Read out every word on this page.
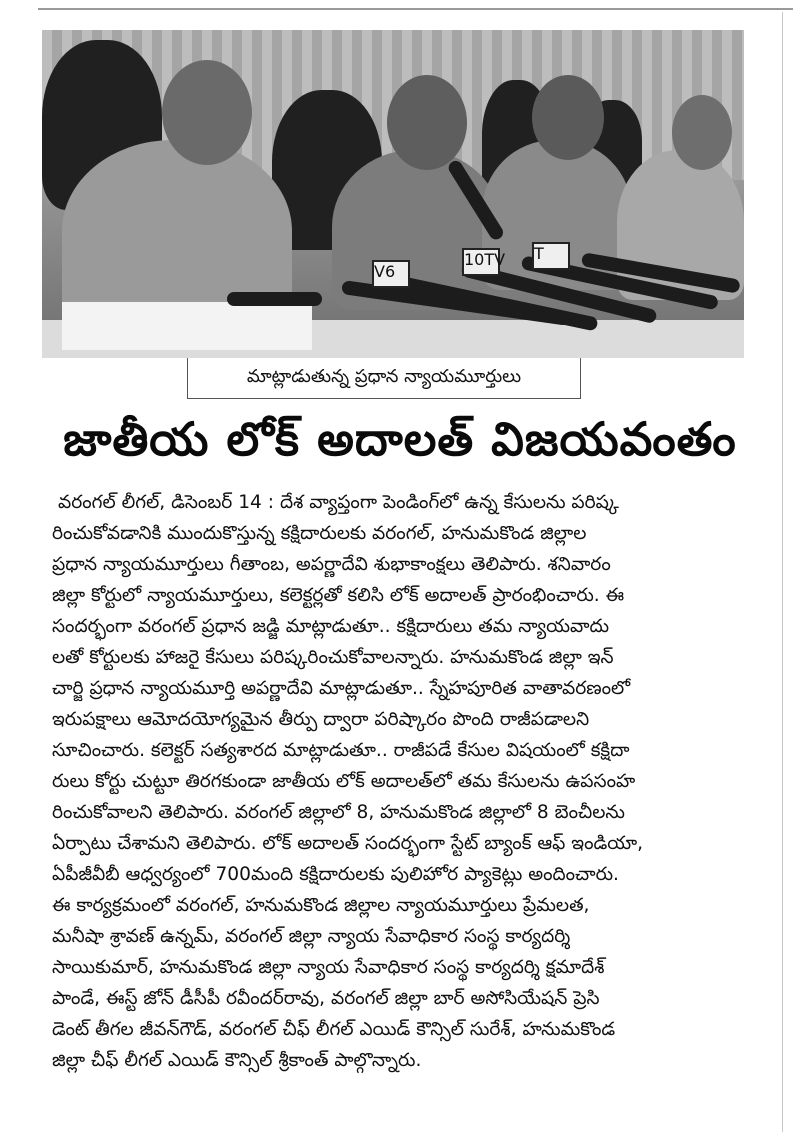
V6
10TV T
మాట్లాడుతున్న ప్రధాన న్యాయమూర్తులు
జాతీయ లోక్ అదాలత్ విజయవంతం
వరంగల్ లీగల్, డిసెంబర్ 14 : దేశ వ్యాప్తంగా పెండింగ్‌లో ఉన్న కేసులను పరిష్క
రించుకోవడానికి ముందుకొస్తున్న కక్షిదారులకు వరంగల్, హనుమకొండ జిల్లాల
ప్రధాన న్యాయమూర్తులు గీతాంబ, అపర్ణాదేవి శుభాకాంక్షలు తెలిపారు. శనివారం
జిల్లా కోర్టులో న్యాయమూర్తులు, కలెక్టర్లతో కలిసి లోక్ అదాలత్ ప్రారంభించారు. ఈ
సందర్భంగా వరంగల్ ప్రధాన జడ్జి మాట్లాడుతూ.. కక్షిదారులు తమ న్యాయవాదు
లతో కోర్టులకు హాజరై కేసులు పరిష్కరించుకోవాలన్నారు. హనుమకొండ జిల్లా ఇన్
చార్జి ప్రధాన న్యాయమూర్తి అపర్ణాదేవి మాట్లాడుతూ.. స్నేహపూరిత వాతావరణంలో
ఇరుపక్షాలు ఆమోదయోగ్యమైన తీర్పు ద్వారా పరిష్కారం పొంది రాజీపడాలని
సూచించారు. కలెక్టర్ సత్యశారద మాట్లాడుతూ.. రాజీపడే కేసుల విషయంలో కక్షిదా
రులు కోర్టు చుట్టూ తిరగకుండా జాతీయ లోక్ అదాలత్‌లో తమ కేసులను ఉపసంహ
రించుకోవాలని తెలిపారు. వరంగల్ జిల్లాలో 8, హనుమకొండ జిల్లాలో 8 బెంచీలను
ఏర్పాటు చేశామని తెలిపారు. లోక్ అదాలత్ సందర్భంగా స్టేట్ బ్యాంక్ ఆఫ్ ఇండియా,
ఏపీజీవీబీ ఆధ్వర్యంలో 700మంది కక్షిదారులకు పులిహోర ప్యాకెట్లు అందించారు.
ఈ కార్యక్రమంలో వరంగల్, హనుమకొండ జిల్లాల న్యాయమూర్తులు ప్రేమలత,
మనీషా శ్రావణ్ ఉన్నమ్, వరంగల్ జిల్లా న్యాయ సేవాధికార సంస్థ కార్యదర్శి
సాయికుమార్, హనుమకొండ జిల్లా న్యాయ సేవాధికార సంస్థ కార్యదర్శి క్షమాదేశ్
పాండే, ఈస్ట్ జోన్ డీసీపీ రవీందర్‌రావు, వరంగల్ జిల్లా బార్ అసోసియేషన్ ప్రెసి
డెంట్ తీగల జీవన్‌గౌడ్, వరంగల్ చీఫ్ లీగల్ ఎయిడ్ కౌన్సిల్ సురేశ్, హనుమకొండ
జిల్లా చీఫ్ లీగల్ ఎయిడ్ కౌన్సిల్ శ్రీకాంత్ పాల్గొన్నారు.
